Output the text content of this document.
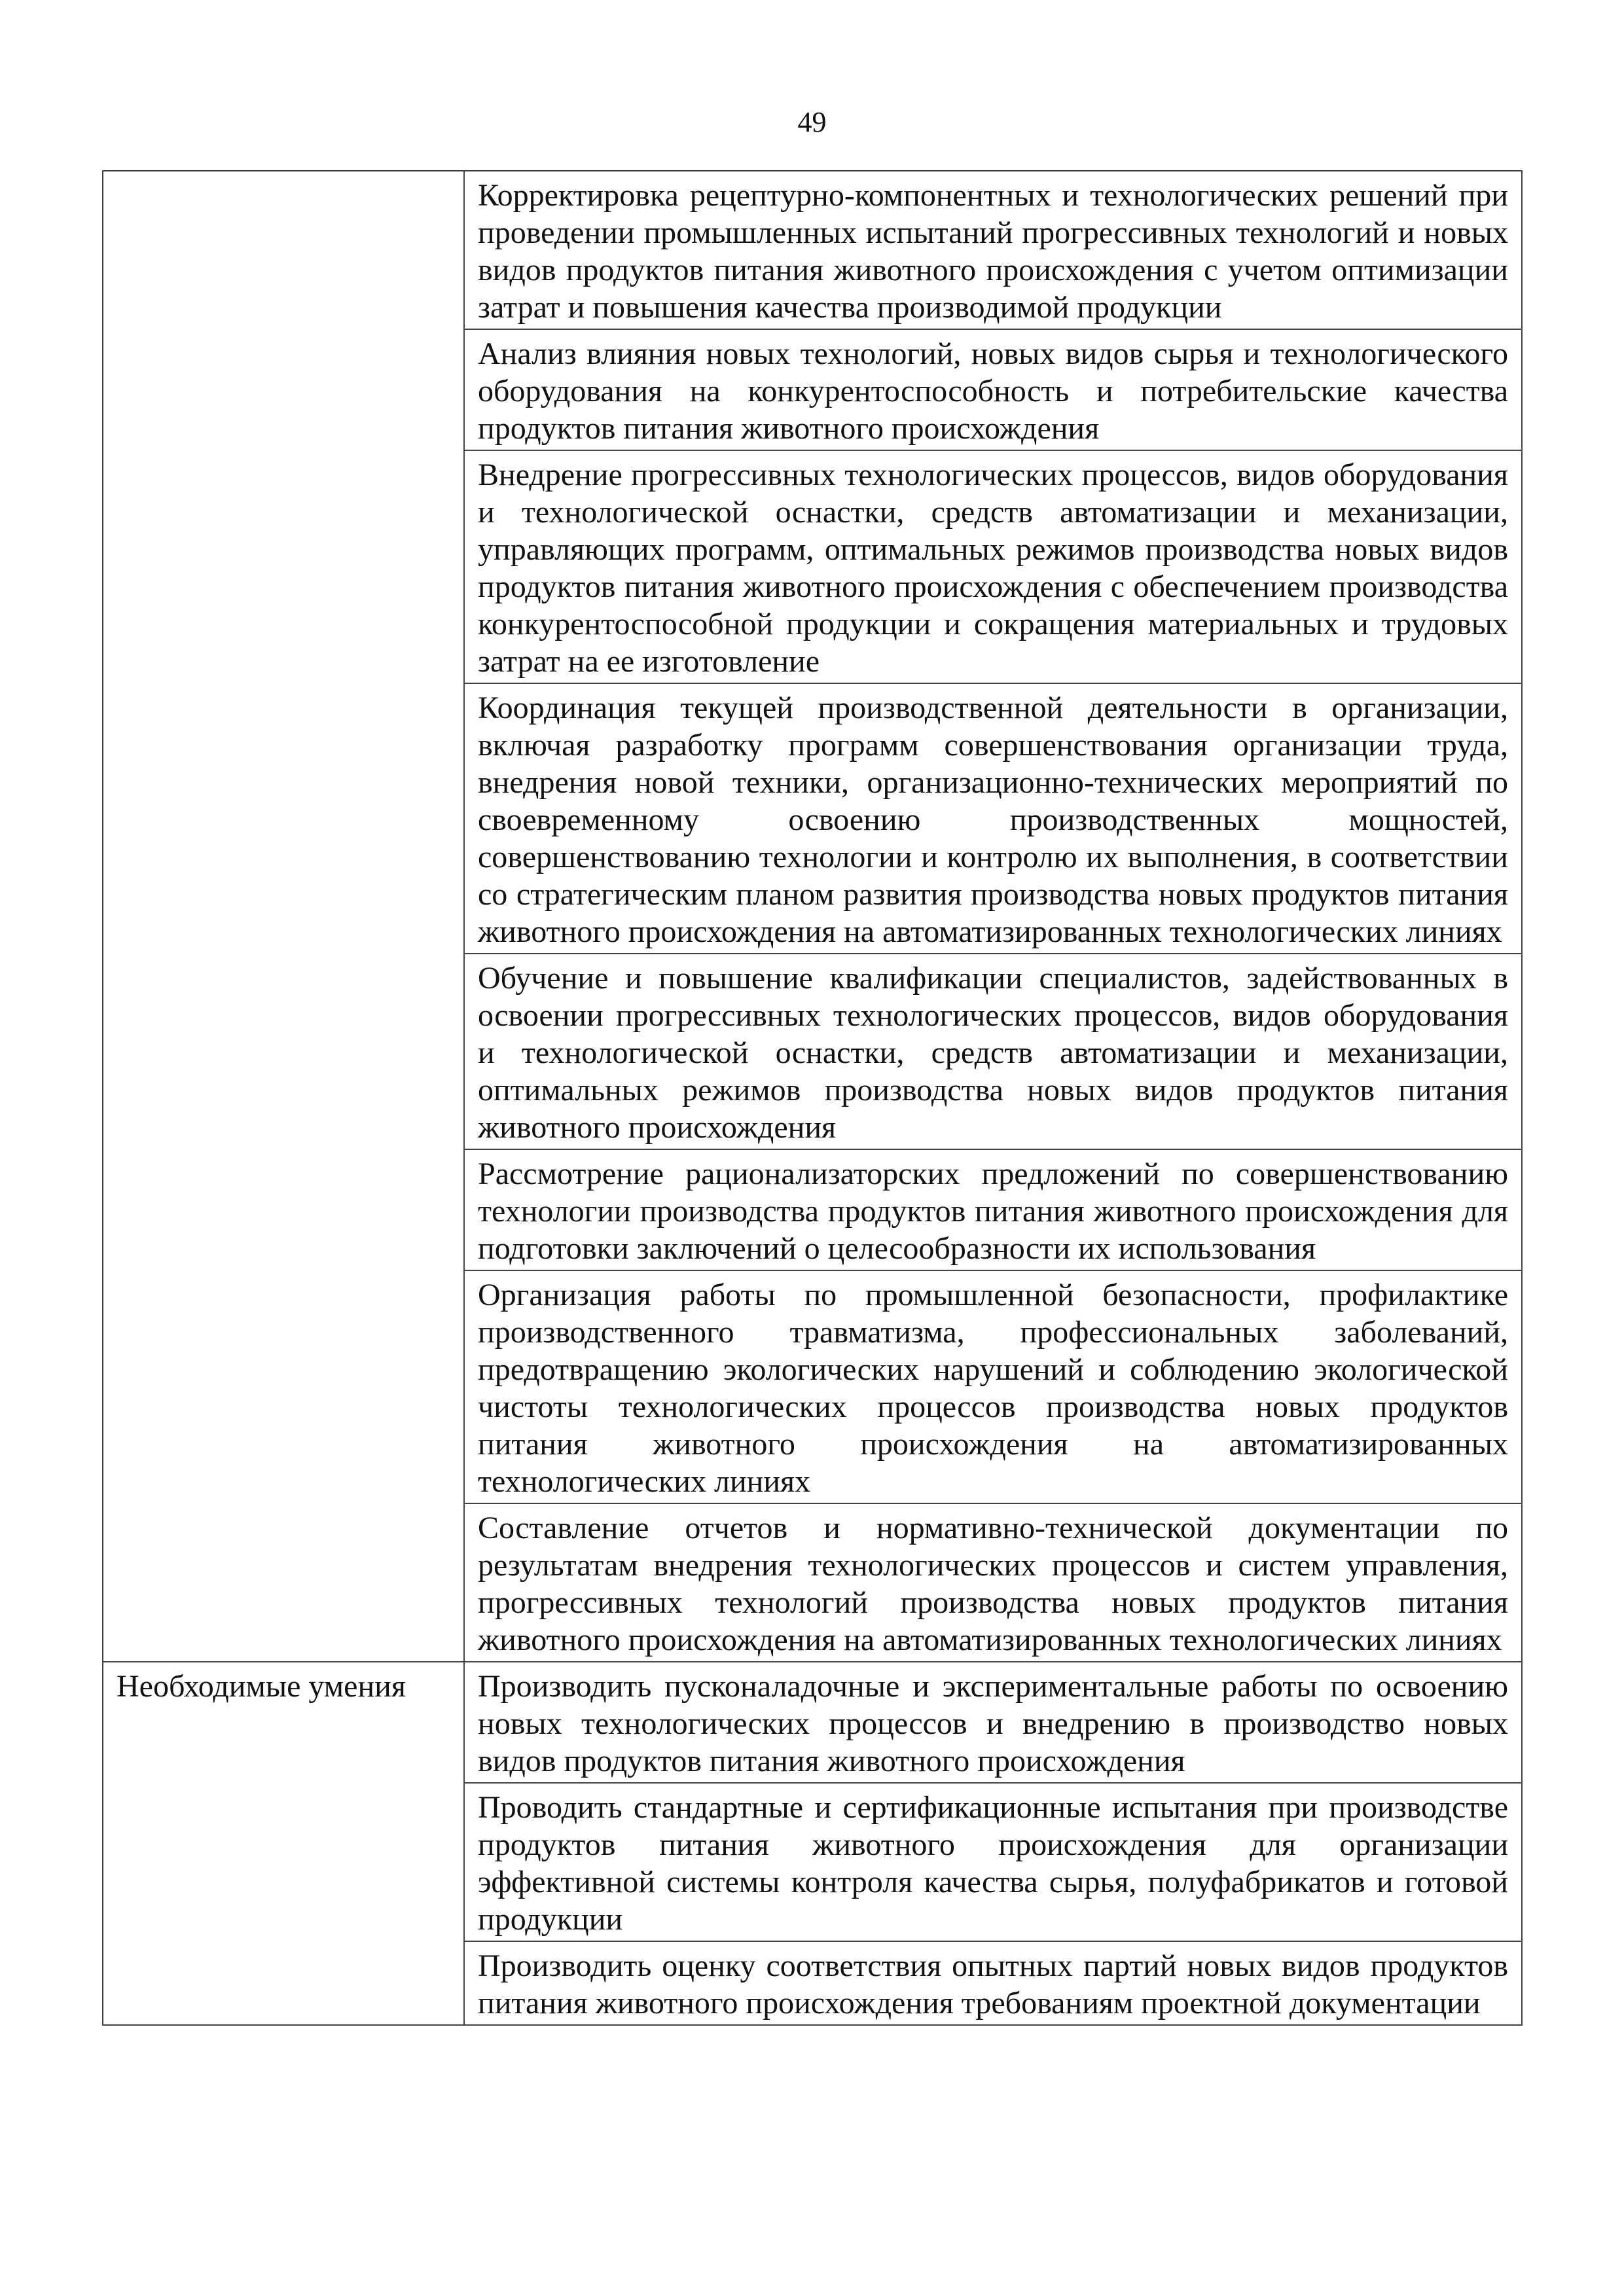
49
	Корректировка рецептурно-компонентных и технологических решений при проведении промышленных испытаний прогрессивных технологий и новых видов продуктов питания животного происхождения с учетом оптимизации затрат и повышения качества производимой продукции
	Анализ влияния новых технологий, новых видов сырья и технологического оборудования на конкурентоспособность и потребительские качества продуктов питания животного происхождения
	Внедрение прогрессивных технологических процессов, видов оборудования и технологической оснастки, средств автоматизации и механизации, управляющих программ, оптимальных режимов производства новых видов продуктов питания животного происхождения с обеспечением производства конкурентоспособной продукции и сокращения материальных и трудовых затрат на ее изготовление
	Координация текущей производственной деятельности в организации, включая разработку программ совершенствования организации труда, внедрения новой техники, организационно-технических мероприятий по своевременному освоению производственных мощностей, совершенствованию технологии и контролю их выполнения, в соответствии со стратегическим планом развития производства новых продуктов питания животного происхождения на автоматизированных технологических линиях
	Обучение и повышение квалификации специалистов, задействованных в освоении прогрессивных технологических процессов, видов оборудования и технологической оснастки, средств автоматизации и механизации, оптимальных режимов производства новых видов продуктов питания животного происхождения
	Рассмотрение рационализаторских предложений по совершенствованию технологии производства продуктов питания животного происхождения для подготовки заключений о целесообразности их использования
	Организация работы по промышленной безопасности, профилактике производственного травматизма, профессиональных заболеваний, предотвращению экологических нарушений и соблюдению экологической чистоты технологических процессов производства новых продуктов питания животного происхождения на автоматизированных технологических линиях
	Составление отчетов и нормативно-технической документации по результатам внедрения технологических процессов и систем управления, прогрессивных технологий производства новых продуктов питания животного происхождения на автоматизированных технологических линиях
Необходимые умения	Производить пусконаладочные и экспериментальные работы по освоению новых технологических процессов и внедрению в производство новых видов продуктов питания животного происхождения
	Проводить стандартные и сертификационные испытания при производстве продуктов питания животного происхождения для организации эффективной системы контроля качества сырья, полуфабрикатов и готовой продукции
	Производить оценку соответствия опытных партий новых видов продуктов питания животного происхождения требованиям проектной документации
